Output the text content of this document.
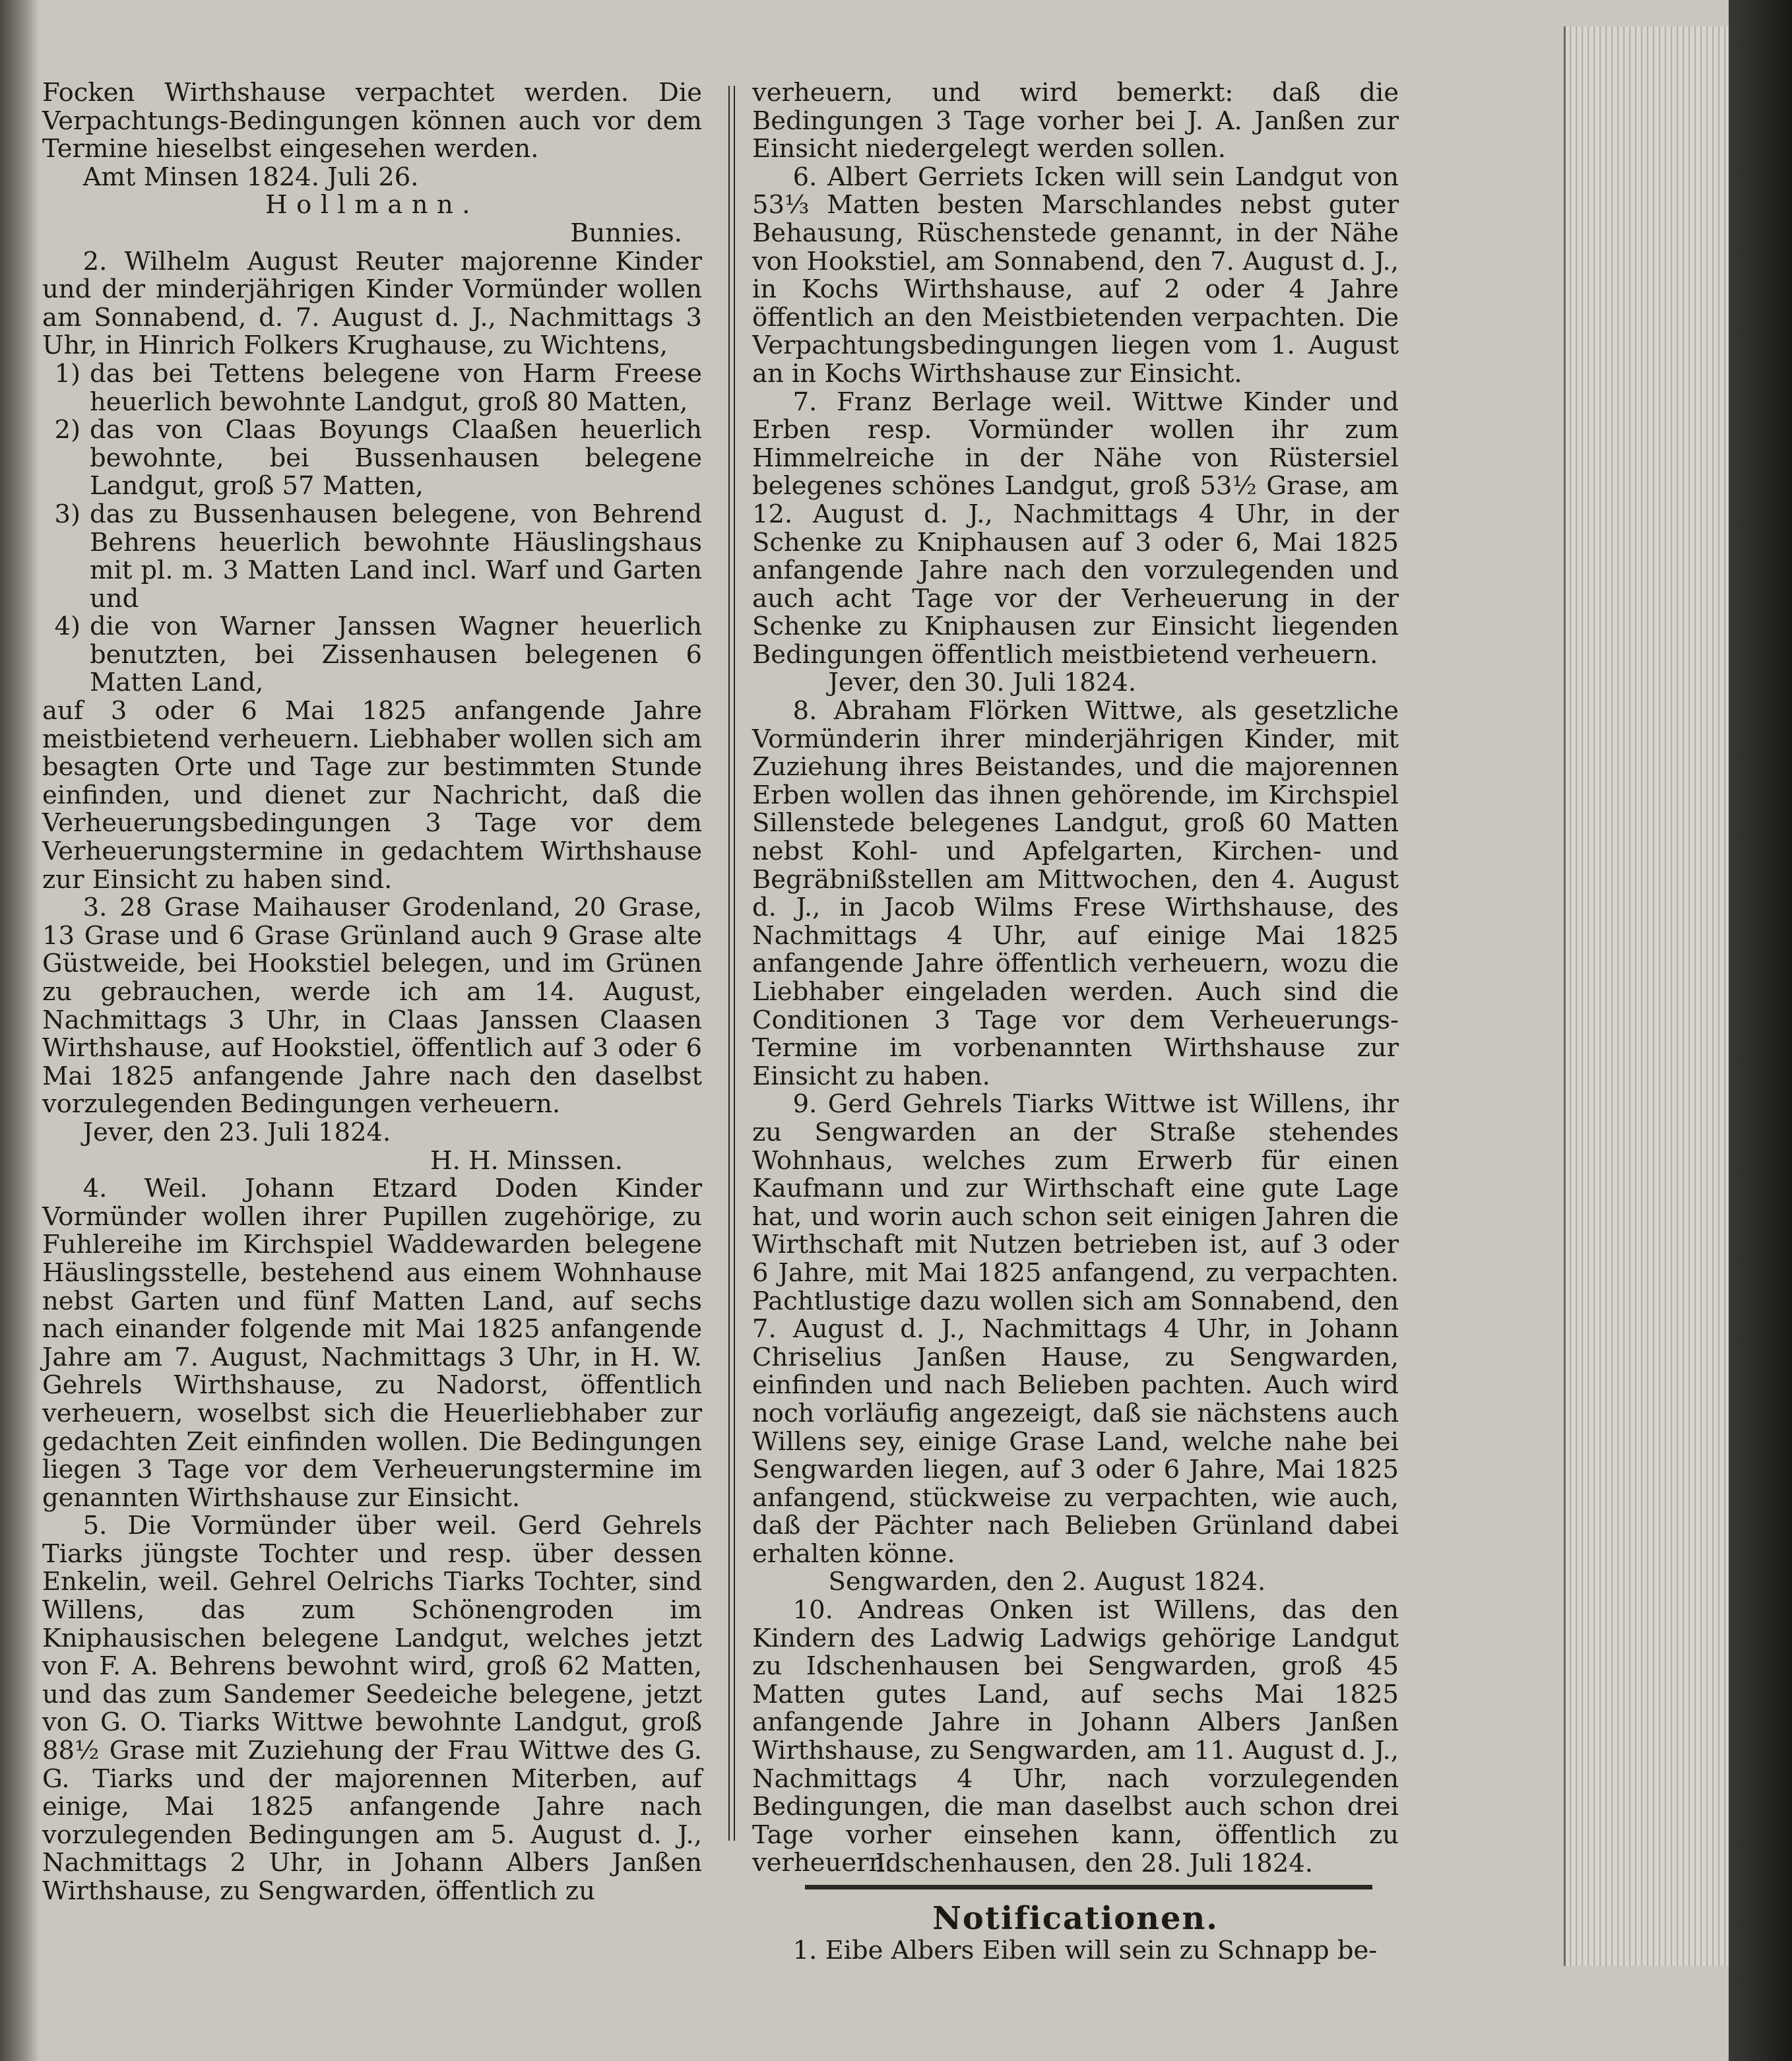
Focken Wirthshause verpachtet werden. Die Verpachtungs-Bedingungen können auch vor dem Termine hieselbst eingesehen werden.

Amt Minsen 1824. Juli 26.

Hollmann.

Bunnies.

2. Wilhelm August Reuter majorenne Kinder und der minderjährigen Kinder Vormünder wollen am Sonnabend, d. 7. August d. J., Nachmittags 3 Uhr, in Hinrich Folkers Krughause, zu Wichtens,

1) das bei Tettens belegene von Harm Freese heuerlich bewohnte Landgut, groß 80 Matten,
2) das von Claas Boyungs Claaßen heuerlich bewohnte, bei Bussenhausen belegene Landgut, groß 57 Matten,
3) das zu Bussenhausen belegene, von Behrend Behrens heuerlich bewohnte Häuslingshaus mit pl. m. 3 Matten Land incl. Warf und Garten und
4) die von Warner Janssen Wagner heuerlich benutzten, bei Zissenhausen belegenen 6 Matten Land,

auf 3 oder 6 Mai 1825 anfangende Jahre meistbietend verheuern. Liebhaber wollen sich am besagten Orte und Tage zur bestimmten Stunde einfinden, und dienet zur Nachricht, daß die Verheuerungsbedingungen 3 Tage vor dem Verheuerungstermine in gedachtem Wirthshause zur Einsicht zu haben sind.

3. 28 Grase Maihauser Grodenland, 20 Grase, 13 Grase und 6 Grase Grünland auch 9 Grase alte Güstweide, bei Hookstiel belegen, und im Grünen zu gebrauchen, werde ich am 14. August, Nachmittags 3 Uhr, in Claas Janssen Claasen Wirthshause, auf Hookstiel, öffentlich auf 3 oder 6 Mai 1825 anfangende Jahre nach den daselbst vorzulegenden Bedingungen verheuern.

Jever, den 23. Juli 1824.

H. H. Minssen.

4. Weil. Johann Etzard Doden Kinder Vormünder wollen ihrer Pupillen zugehörige, zu Fuhlereihe im Kirchspiel Waddewarden belegene Häuslingsstelle, bestehend aus einem Wohnhause nebst Garten und fünf Matten Land, auf sechs nach einander folgende mit Mai 1825 anfangende Jahre am 7. August, Nachmittags 3 Uhr, in H. W. Gehrels Wirthshause, zu Nadorst, öffentlich verheuern, woselbst sich die Heuerliebhaber zur gedachten Zeit einfinden wollen. Die Bedingungen liegen 3 Tage vor dem Verheuerungstermine im genannten Wirthshause zur Einsicht.

5. Die Vormünder über weil. Gerd Gehrels Tiarks jüngste Tochter und resp. über dessen Enkelin, weil. Gehrel Oelrichs Tiarks Tochter, sind Willens, das zum Schönengroden im Kniphausischen belegene Landgut, welches jetzt von F. A. Behrens bewohnt wird, groß 62 Matten, und das zum Sandemer Seedeiche belegene, jetzt von G. O. Tiarks Wittwe bewohnte Landgut, groß 88½ Grase mit Zuziehung der Frau Wittwe des G. G. Tiarks und der majorennen Miterben, auf einige, Mai 1825 anfangende Jahre nach vorzulegenden Bedingungen am 5. August d. J., Nachmittags 2 Uhr, in Johann Albers Janßen Wirthshause, zu Sengwarden, öffentlich zu

verheuern, und wird bemerkt: daß die Bedingungen 3 Tage vorher bei J. A. Janßen zur Einsicht niedergelegt werden sollen.

6. Albert Gerriets Icken will sein Landgut von 53⅓ Matten besten Marschlandes nebst guter Behausung, Rüschenstede genannt, in der Nähe von Hookstiel, am Sonnabend, den 7. August d. J., in Kochs Wirthshause, auf 2 oder 4 Jahre öffentlich an den Meistbietenden verpachten. Die Verpachtungsbedingungen liegen vom 1. August an in Kochs Wirthshause zur Einsicht.

7. Franz Berlage weil. Wittwe Kinder und Erben resp. Vormünder wollen ihr zum Himmelreiche in der Nähe von Rüstersiel belegenes schönes Landgut, groß 53½ Grase, am 12. August d. J., Nachmittags 4 Uhr, in der Schenke zu Kniphausen auf 3 oder 6, Mai 1825 anfangende Jahre nach den vorzulegenden und auch acht Tage vor der Verheuerung in der Schenke zu Kniphausen zur Einsicht liegenden Bedingungen öffentlich meistbietend verheuern.

Jever, den 30. Juli 1824.

8. Abraham Flörken Wittwe, als gesetzliche Vormünderin ihrer minderjährigen Kinder, mit Zuziehung ihres Beistandes, und die majorennen Erben wollen das ihnen gehörende, im Kirchspiel Sillenstede belegenes Landgut, groß 60 Matten nebst Kohl- und Apfelgarten, Kirchen- und Begräbnißstellen am Mittwochen, den 4. August d. J., in Jacob Wilms Frese Wirthshause, des Nachmittags 4 Uhr, auf einige Mai 1825 anfangende Jahre öffentlich verheuern, wozu die Liebhaber eingeladen werden. Auch sind die Conditionen 3 Tage vor dem Verheuerungs-Termine im vorbenannten Wirthshause zur Einsicht zu haben.

9. Gerd Gehrels Tiarks Wittwe ist Willens, ihr zu Sengwarden an der Straße stehendes Wohnhaus, welches zum Erwerb für einen Kaufmann und zur Wirthschaft eine gute Lage hat, und worin auch schon seit einigen Jahren die Wirthschaft mit Nutzen betrieben ist, auf 3 oder 6 Jahre, mit Mai 1825 anfangend, zu verpachten. Pachtlustige dazu wollen sich am Sonnabend, den 7. August d. J., Nachmittags 4 Uhr, in Johann Chriselius Janßen Hause, zu Sengwarden, einfinden und nach Belieben pachten. Auch wird noch vorläufig angezeigt, daß sie nächstens auch Willens sey, einige Grase Land, welche nahe bei Sengwarden liegen, auf 3 oder 6 Jahre, Mai 1825 anfangend, stückweise zu verpachten, wie auch, daß der Pächter nach Belieben Grünland dabei erhalten könne.

Sengwarden, den 2. August 1824.

10. Andreas Onken ist Willens, das den Kindern des Ladwig Ladwigs gehörige Landgut zu Idschenhausen bei Sengwarden, groß 45 Matten gutes Land, auf sechs Mai 1825 anfangende Jahre in Johann Albers Janßen Wirthshause, zu Sengwarden, am 11. August d. J., Nachmittags 4 Uhr, nach vorzulegenden Bedingungen, die man daselbst auch schon drei Tage vorher einsehen kann, öffentlich zu verheuern.

Idschenhausen, den 28. Juli 1824.

Notificationen.

1. Eibe Albers Eiben will sein zu Schnapp be-
